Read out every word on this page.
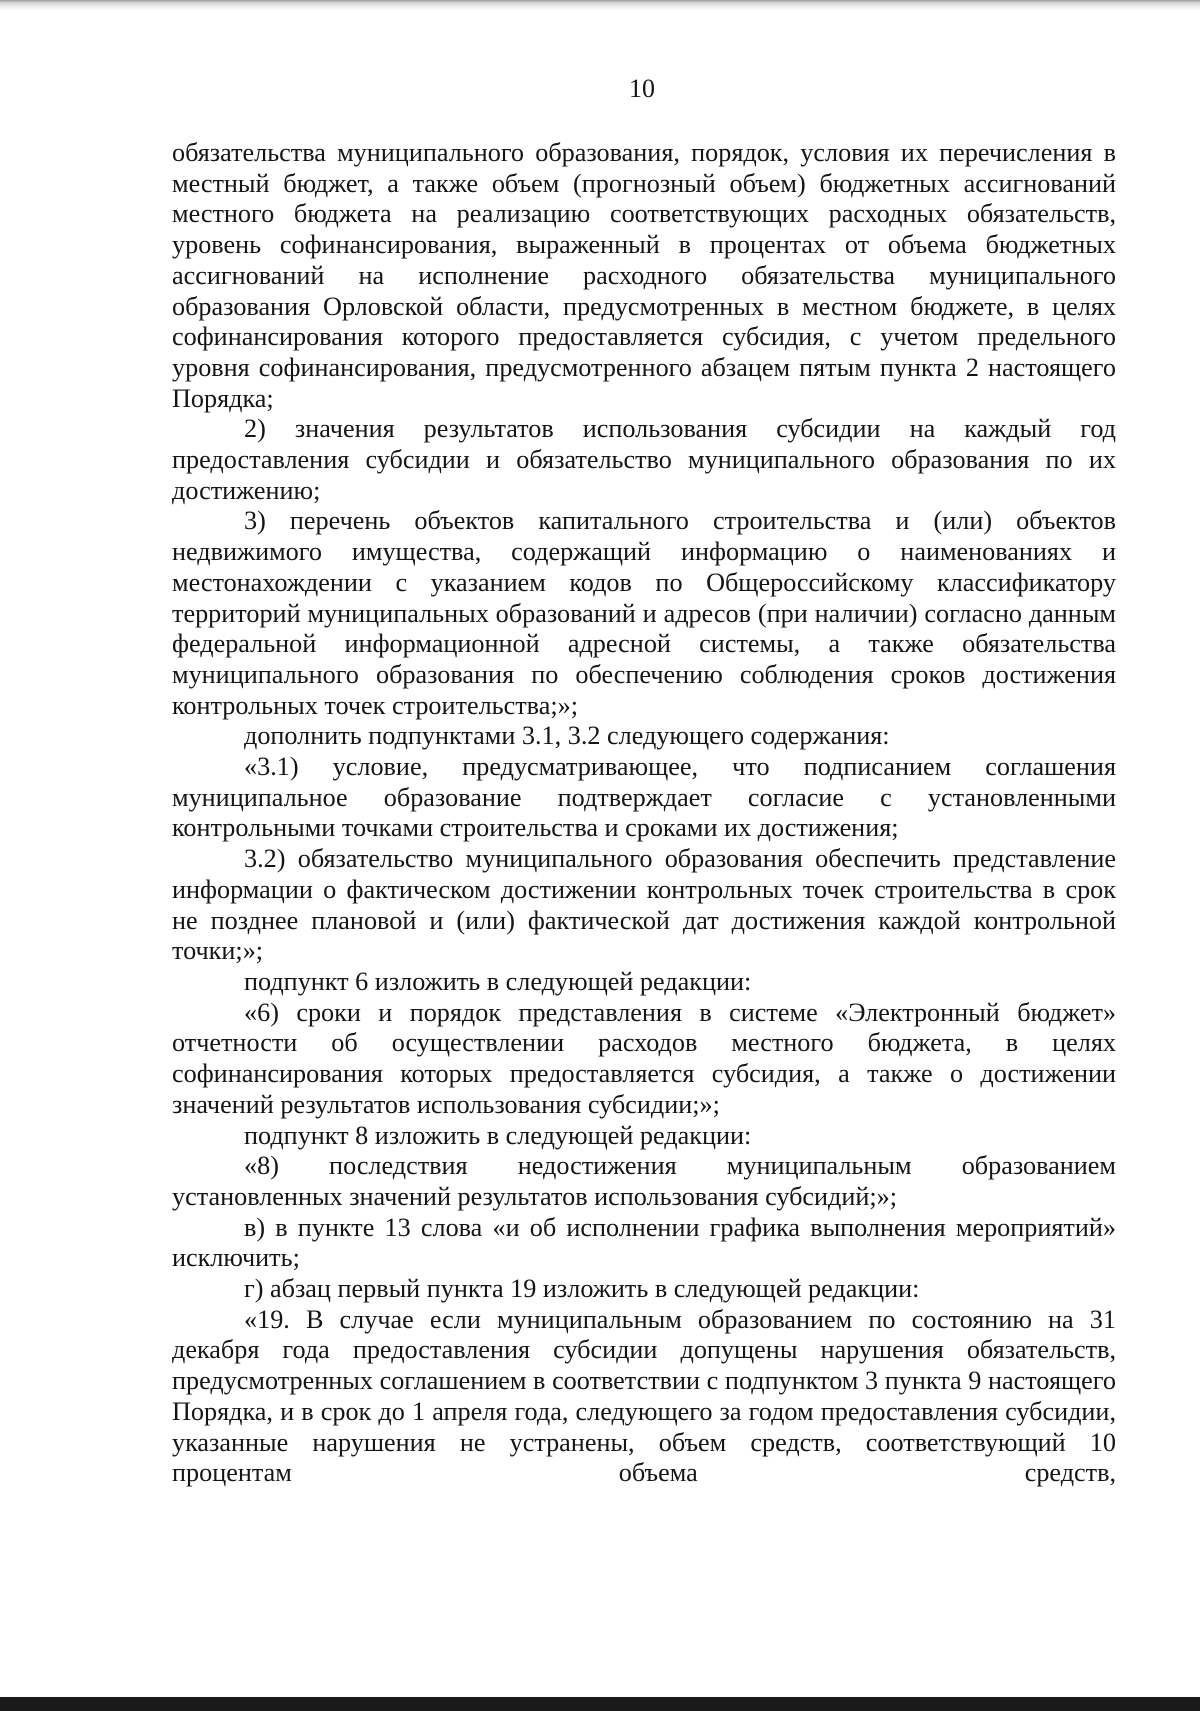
10

обязательства муниципального образования, порядок, условия их перечисления в местный бюджет, а также объем (прогнозный объем) бюджетных ассигнований местного бюджета на реализацию соответствующих расходных обязательств, уровень софинансирования, выраженный в процентах от объема бюджетных ассигнований на исполнение расходного обязательства муниципального образования Орловской области, предусмотренных в местном бюджете, в целях софинансирования которого предоставляется субсидия, с учетом предельного уровня софинансирования, предусмотренного абзацем пятым пункта 2 настоящего Порядка;

2) значения результатов использования субсидии на каждый год предоставления субсидии и обязательство муниципального образования по их достижению;

3) перечень объектов капитального строительства и (или) объектов недвижимого имущества, содержащий информацию о наименованиях и местонахождении с указанием кодов по Общероссийскому классификатору территорий муниципальных образований и адресов (при наличии) согласно данным федеральной информационной адресной системы, а также обязательства муниципального образования по обеспечению соблюдения сроков достижения контрольных точек строительства;»;

дополнить подпунктами 3.1, 3.2 следующего содержания:

«3.1) условие, предусматривающее, что подписанием соглашения муниципальное образование подтверждает согласие с установленными контрольными точками строительства и сроками их достижения;

3.2) обязательство муниципального образования обеспечить представление информации о фактическом достижении контрольных точек строительства в срок не позднее плановой и (или) фактической дат достижения каждой контрольной точки;»;

подпункт 6 изложить в следующей редакции:

«6) сроки и порядок представления в системе «Электронный бюджет» отчетности об осуществлении расходов местного бюджета, в целях софинансирования которых предоставляется субсидия, а также о достижении значений результатов использования субсидии;»;

подпункт 8 изложить в следующей редакции:

«8) последствия недостижения муниципальным образованием установленных значений результатов использования субсидий;»;

в) в пункте 13 слова «и об исполнении графика выполнения мероприятий» исключить;

г) абзац первый пункта 19 изложить в следующей редакции:

«19. В случае если муниципальным образованием по состоянию на 31 декабря года предоставления субсидии допущены нарушения обязательств, предусмотренных соглашением в соответствии с подпунктом 3 пункта 9 настоящего Порядка, и в срок до 1 апреля года, следующего за годом предоставления субсидии, указанные нарушения не устранены, объем средств, соответствующий 10 процентам объема средств,
